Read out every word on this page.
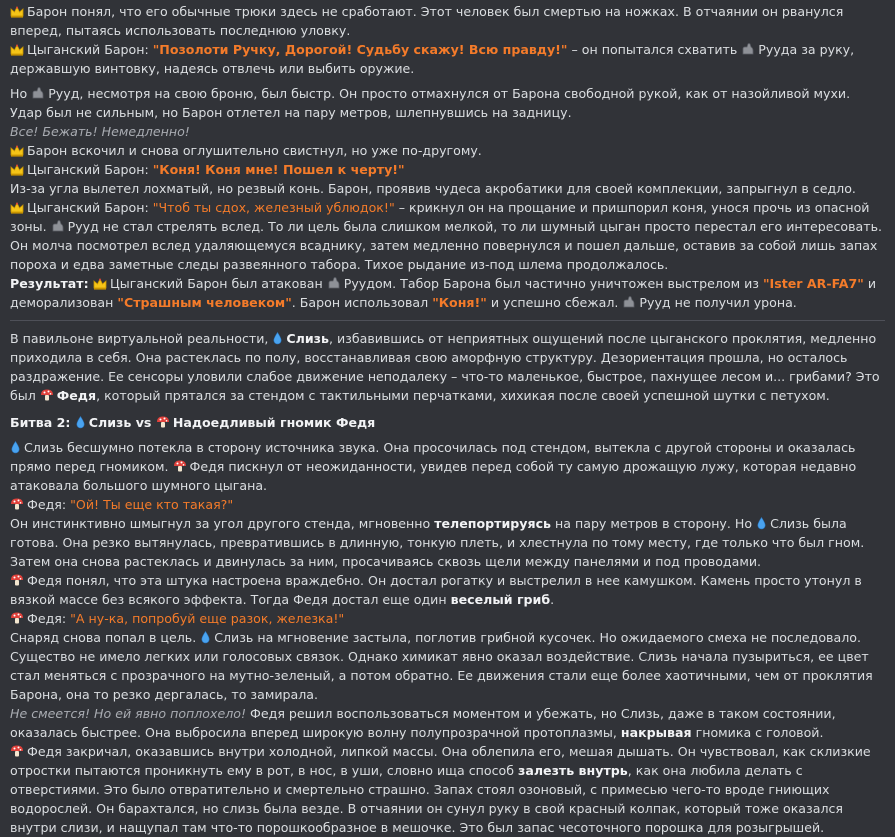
Барон понял, что его обычные трюки здесь не сработают. Этот человек был смертью на ножках. В отчаянии он рванулся вперед, пытаясь использовать последнюю уловку.

Цыганский Барон: "Позолоти Ручку, Дорогой! Судьбу скажу! Всю правду!" – он попытался схватить Рууда за руку, державшую винтовку, надеясь отвлечь или выбить оружие.

Но Рууд, несмотря на свою броню, был быстр. Он просто отмахнулся от Барона свободной рукой, как от назойливой мухи. Удар был не сильным, но Барон отлетел на пару метров, шлепнувшись на задницу.

Все! Бежать! Немедленно!

Барон вскочил и снова оглушительно свистнул, но уже по-другому.

Цыганский Барон: "Коня! Коня мне! Пошел к черту!"

Из-за угла вылетел лохматый, но резвый конь. Барон, проявив чудеса акробатики для своей комплекции, запрыгнул в седло.

Цыганский Барон: "Чтоб ты сдох, железный ублюдок!" – крикнул он на прощание и пришпорил коня, унося прочь из опасной зоны. Рууд не стал стрелять вслед. То ли цель была слишком мелкой, то ли шумный цыган просто перестал его интересовать. Он молча посмотрел вслед удаляющемуся всаднику, затем медленно повернулся и пошел дальше, оставив за собой лишь запах пороха и едва заметные следы развеянного табора. Тихое рыдание из-под шлема продолжалось.

Результат: Цыганский Барон был атакован Руудом. Табор Барона был частично уничтожен выстрелом из "Ister AR-FA7" и деморализован "Страшным человеком". Барон использовал "Коня!" и успешно сбежал. Рууд не получил урона.

В павильоне виртуальной реальности, Слизь, избавившись от неприятных ощущений после цыганского проклятия, медленно приходила в себя. Она растеклась по полу, восстанавливая свою аморфную структуру. Дезориентация прошла, но осталось раздражение. Ее сенсоры уловили слабое движение неподалеку – что-то маленькое, быстрое, пахнущее лесом и... грибами? Это был Федя, который прятался за стендом с тактильными перчатками, хихикая после своей успешной шутки с петухом.

Битва 2: Слизь vs Надоедливый гномик Федя

Слизь бесшумно потекла в сторону источника звука. Она просочилась под стендом, вытекла с другой стороны и оказалась прямо перед гномиком. Федя пискнул от неожиданности, увидев перед собой ту самую дрожащую лужу, которая недавно атаковала большого шумного цыгана.

Федя: "Ой! Ты еще кто такая?"

Он инстинктивно шмыгнул за угол другого стенда, мгновенно телепортируясь на пару метров в сторону. Но Слизь была готова. Она резко вытянулась, превратившись в длинную, тонкую плеть, и хлестнула по тому месту, где только что был гном. Затем она снова растеклась и двинулась за ним, просачиваясь сквозь щели между панелями и под проводами.

Федя понял, что эта штука настроена враждебно. Он достал рогатку и выстрелил в нее камушком. Камень просто утонул в вязкой массе без всякого эффекта. Тогда Федя достал еще один веселый гриб.

Федя: "А ну-ка, попробуй еще разок, железка!"

Снаряд снова попал в цель. Слизь на мгновение застыла, поглотив грибной кусочек. Но ожидаемого смеха не последовало. Существо не имело легких или голосовых связок. Однако химикат явно оказал воздействие. Слизь начала пузыриться, ее цвет стал меняться с прозрачного на мутно-зеленый, а потом обратно. Ее движения стали еще более хаотичными, чем от проклятия Барона, она то резко дергалась, то замирала.

Не смеется! Но ей явно поплохело! Федя решил воспользоваться моментом и убежать, но Слизь, даже в таком состоянии, оказалась быстрее. Она выбросила вперед широкую волну полупрозрачной протоплазмы, накрывая гномика с головой.

Федя закричал, оказавшись внутри холодной, липкой массы. Она облепила его, мешая дышать. Он чувствовал, как склизкие отростки пытаются проникнуть ему в рот, в нос, в уши, словно ища способ залезть внутрь, как она любила делать с отверстиями. Это было отвратительно и смертельно страшно. Запах стоял озоновый, с примесью чего-то вроде гниющих водорослей. Он барахтался, но слизь была везде. В отчаянии он сунул руку в свой красный колпак, который тоже оказался внутри слизи, и нащупал там что-то порошкообразное в мешочке. Это был запас чесоточного порошка для розыгрышей.
